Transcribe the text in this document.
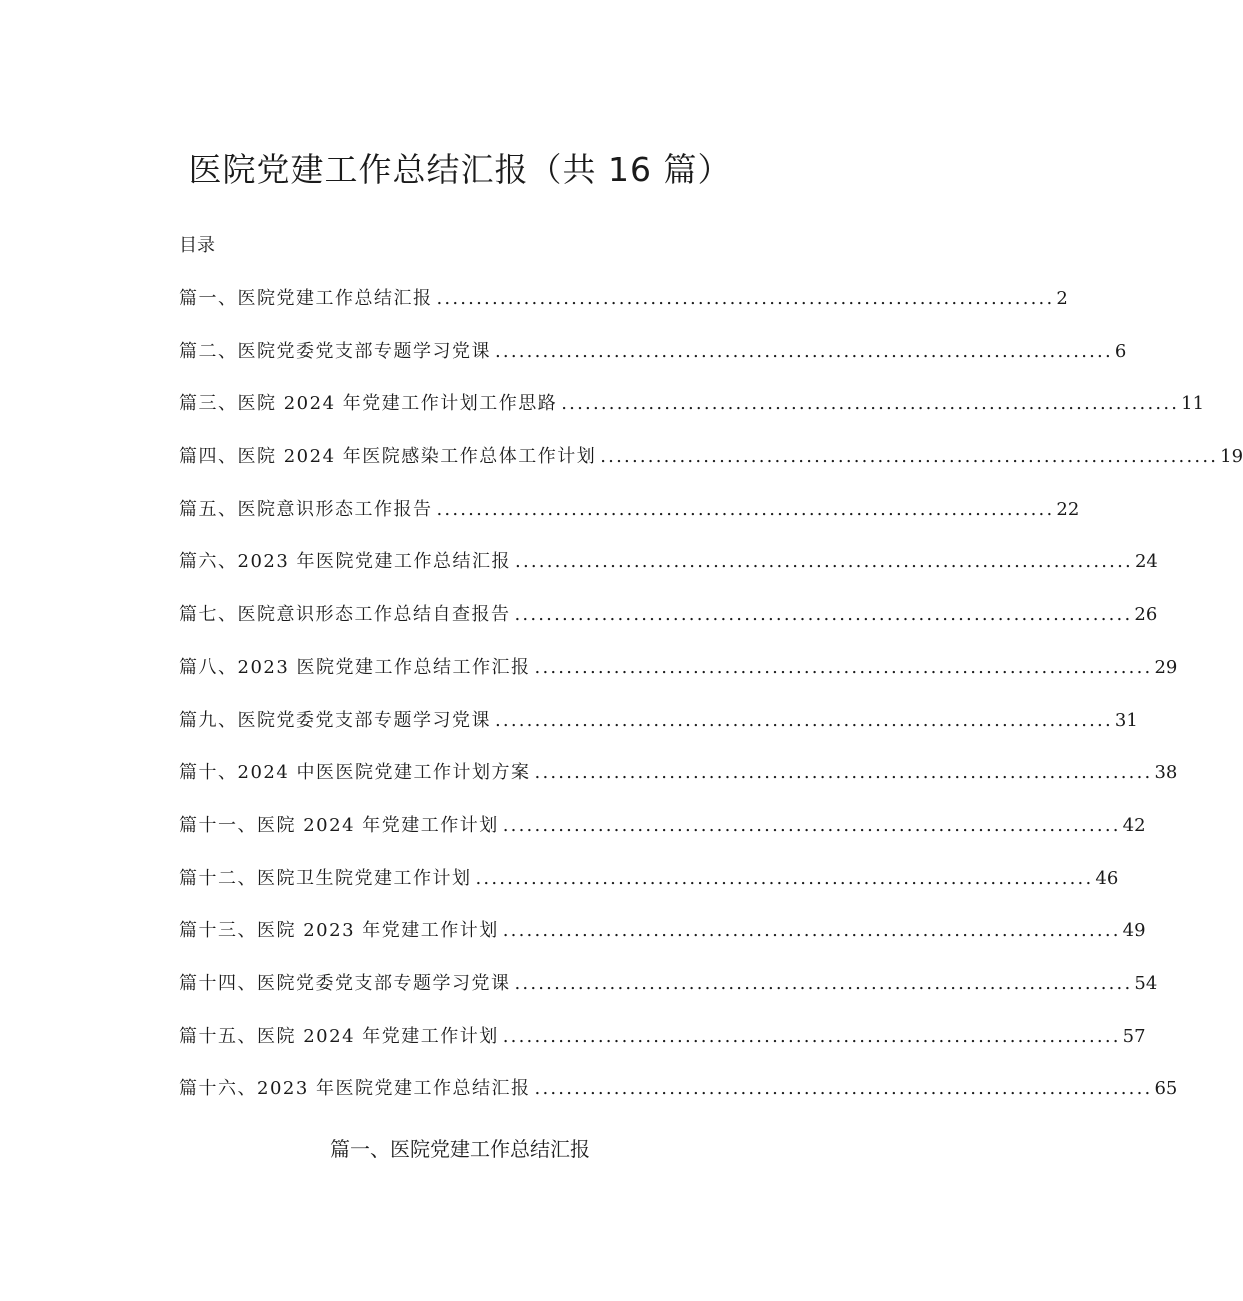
医院党建工作总结汇报（共 16 篇）
目录
篇一、医院党建工作总结汇报 .............................................................................. 2
篇二、医院党委党支部专题学习党课 .............................................................................. 6
篇三、医院 2024 年党建工作计划工作思路 .............................................................................. 11
篇四、医院 2024 年医院感染工作总体工作计划 .............................................................................. 19
篇五、医院意识形态工作报告 .............................................................................. 22
篇六、2023 年医院党建工作总结汇报 .............................................................................. 24
篇七、医院意识形态工作总结自查报告 .............................................................................. 26
篇八、2023 医院党建工作总结工作汇报 .............................................................................. 29
篇九、医院党委党支部专题学习党课 .............................................................................. 31
篇十、2024 中医医院党建工作计划方案 .............................................................................. 38
篇十一、医院 2024 年党建工作计划 .............................................................................. 42
篇十二、医院卫生院党建工作计划 .............................................................................. 46
篇十三、医院 2023 年党建工作计划 .............................................................................. 49
篇十四、医院党委党支部专题学习党课 .............................................................................. 54
篇十五、医院 2024 年党建工作计划 .............................................................................. 57
篇十六、2023 年医院党建工作总结汇报 .............................................................................. 65
篇一、医院党建工作总结汇报
